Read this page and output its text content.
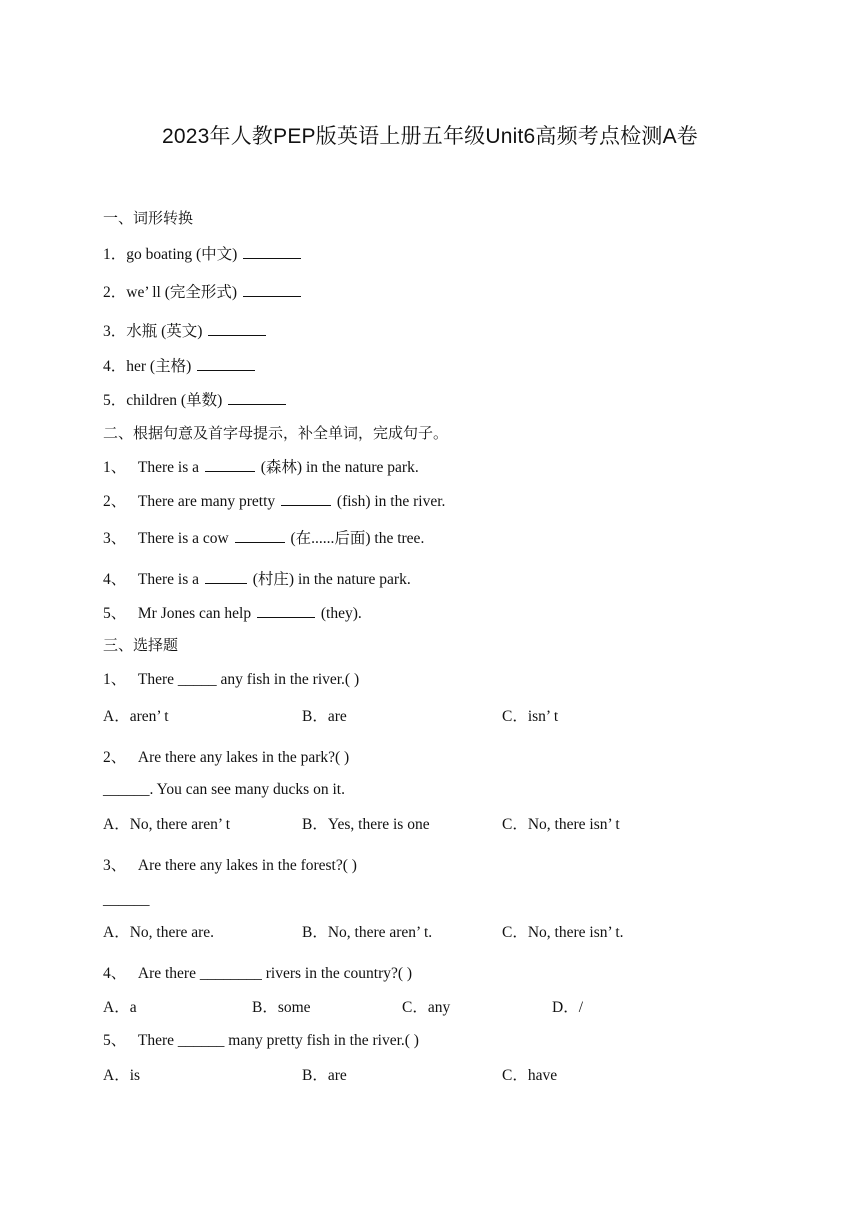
2023年人教PEP版英语上册五年级Unit6高频考点检测A卷
一、词形转换
1．go boating (中文)
2．we’ ll (完全形式)
3．水瓶 (英文)
4．her (主格)
5．children (单数)
二、根据句意及首字母提示，补全单词，完成句子。
1、 There is a	(森林) in the nature park.
2、 There are many pretty	(fish) in the river.
3、 There is a cow	(在......后面) the tree.
4、 There is a	(村庄) in the nature park.
5、 Mr Jones can help	(they).
三、选择题
1、 There _____ any fish in the river.( )
A．aren’ t	B．are	C．isn’ t
2、 Are there any lakes in the park?( )
______. You can see many ducks on it.
A．No, there aren’ t	B．Yes, there is one	C．No, there isn’ t
3、 Are there any lakes in the forest?( )
______
A．No, there are.	B．No, there aren’ t.	C．No, there isn’ t.
4、 Are there ________ rivers in the country?( )
A．a	B．some	C．any	D．/
5、 There ______ many pretty fish in the river.( )
A．is	B．are	C．have
